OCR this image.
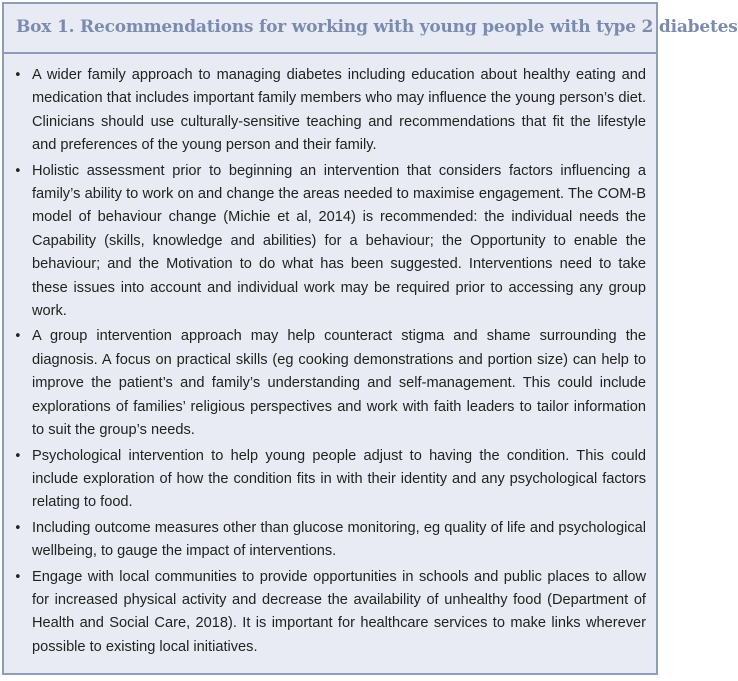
Box 1. Recommendations for working with young people with type 2 diabetes
• A wider family approach to managing diabetes including education about healthy eating and medication that includes important family members who may influence the young person’s diet. Clinicians should use culturally-sensitive teaching and recommendations that fit the lifestyle and preferences of the young person and their family.
• Holistic assessment prior to beginning an intervention that considers factors influencing a family’s ability to work on and change the areas needed to maximise engagement. The COM-B model of behaviour change (Michie et al, 2014) is recommended: the individual needs the Capability (skills, knowledge and abilities) for a behaviour; the Opportunity to enable the behaviour; and the Motivation to do what has been suggested. Interventions need to take these issues into account and individual work may be required prior to accessing any group work.
• A group intervention approach may help counteract stigma and shame surrounding the diagnosis. A focus on practical skills (eg cooking demonstrations and portion size) can help to improve the patient’s and family’s understanding and self-management. This could include explorations of families’ religious perspectives and work with faith leaders to tailor information to suit the group’s needs.
• Psychological intervention to help young people adjust to having the condition. This could include exploration of how the condition fits in with their identity and any psychological factors relating to food.
• Including outcome measures other than glucose monitoring, eg quality of life and psychological wellbeing, to gauge the impact of interventions.
• Engage with local communities to provide opportunities in schools and public places to allow for increased physical activity and decrease the availability of unhealthy food (Department of Health and Social Care, 2018). It is important for healthcare services to make links wherever possible to existing local initiatives.
